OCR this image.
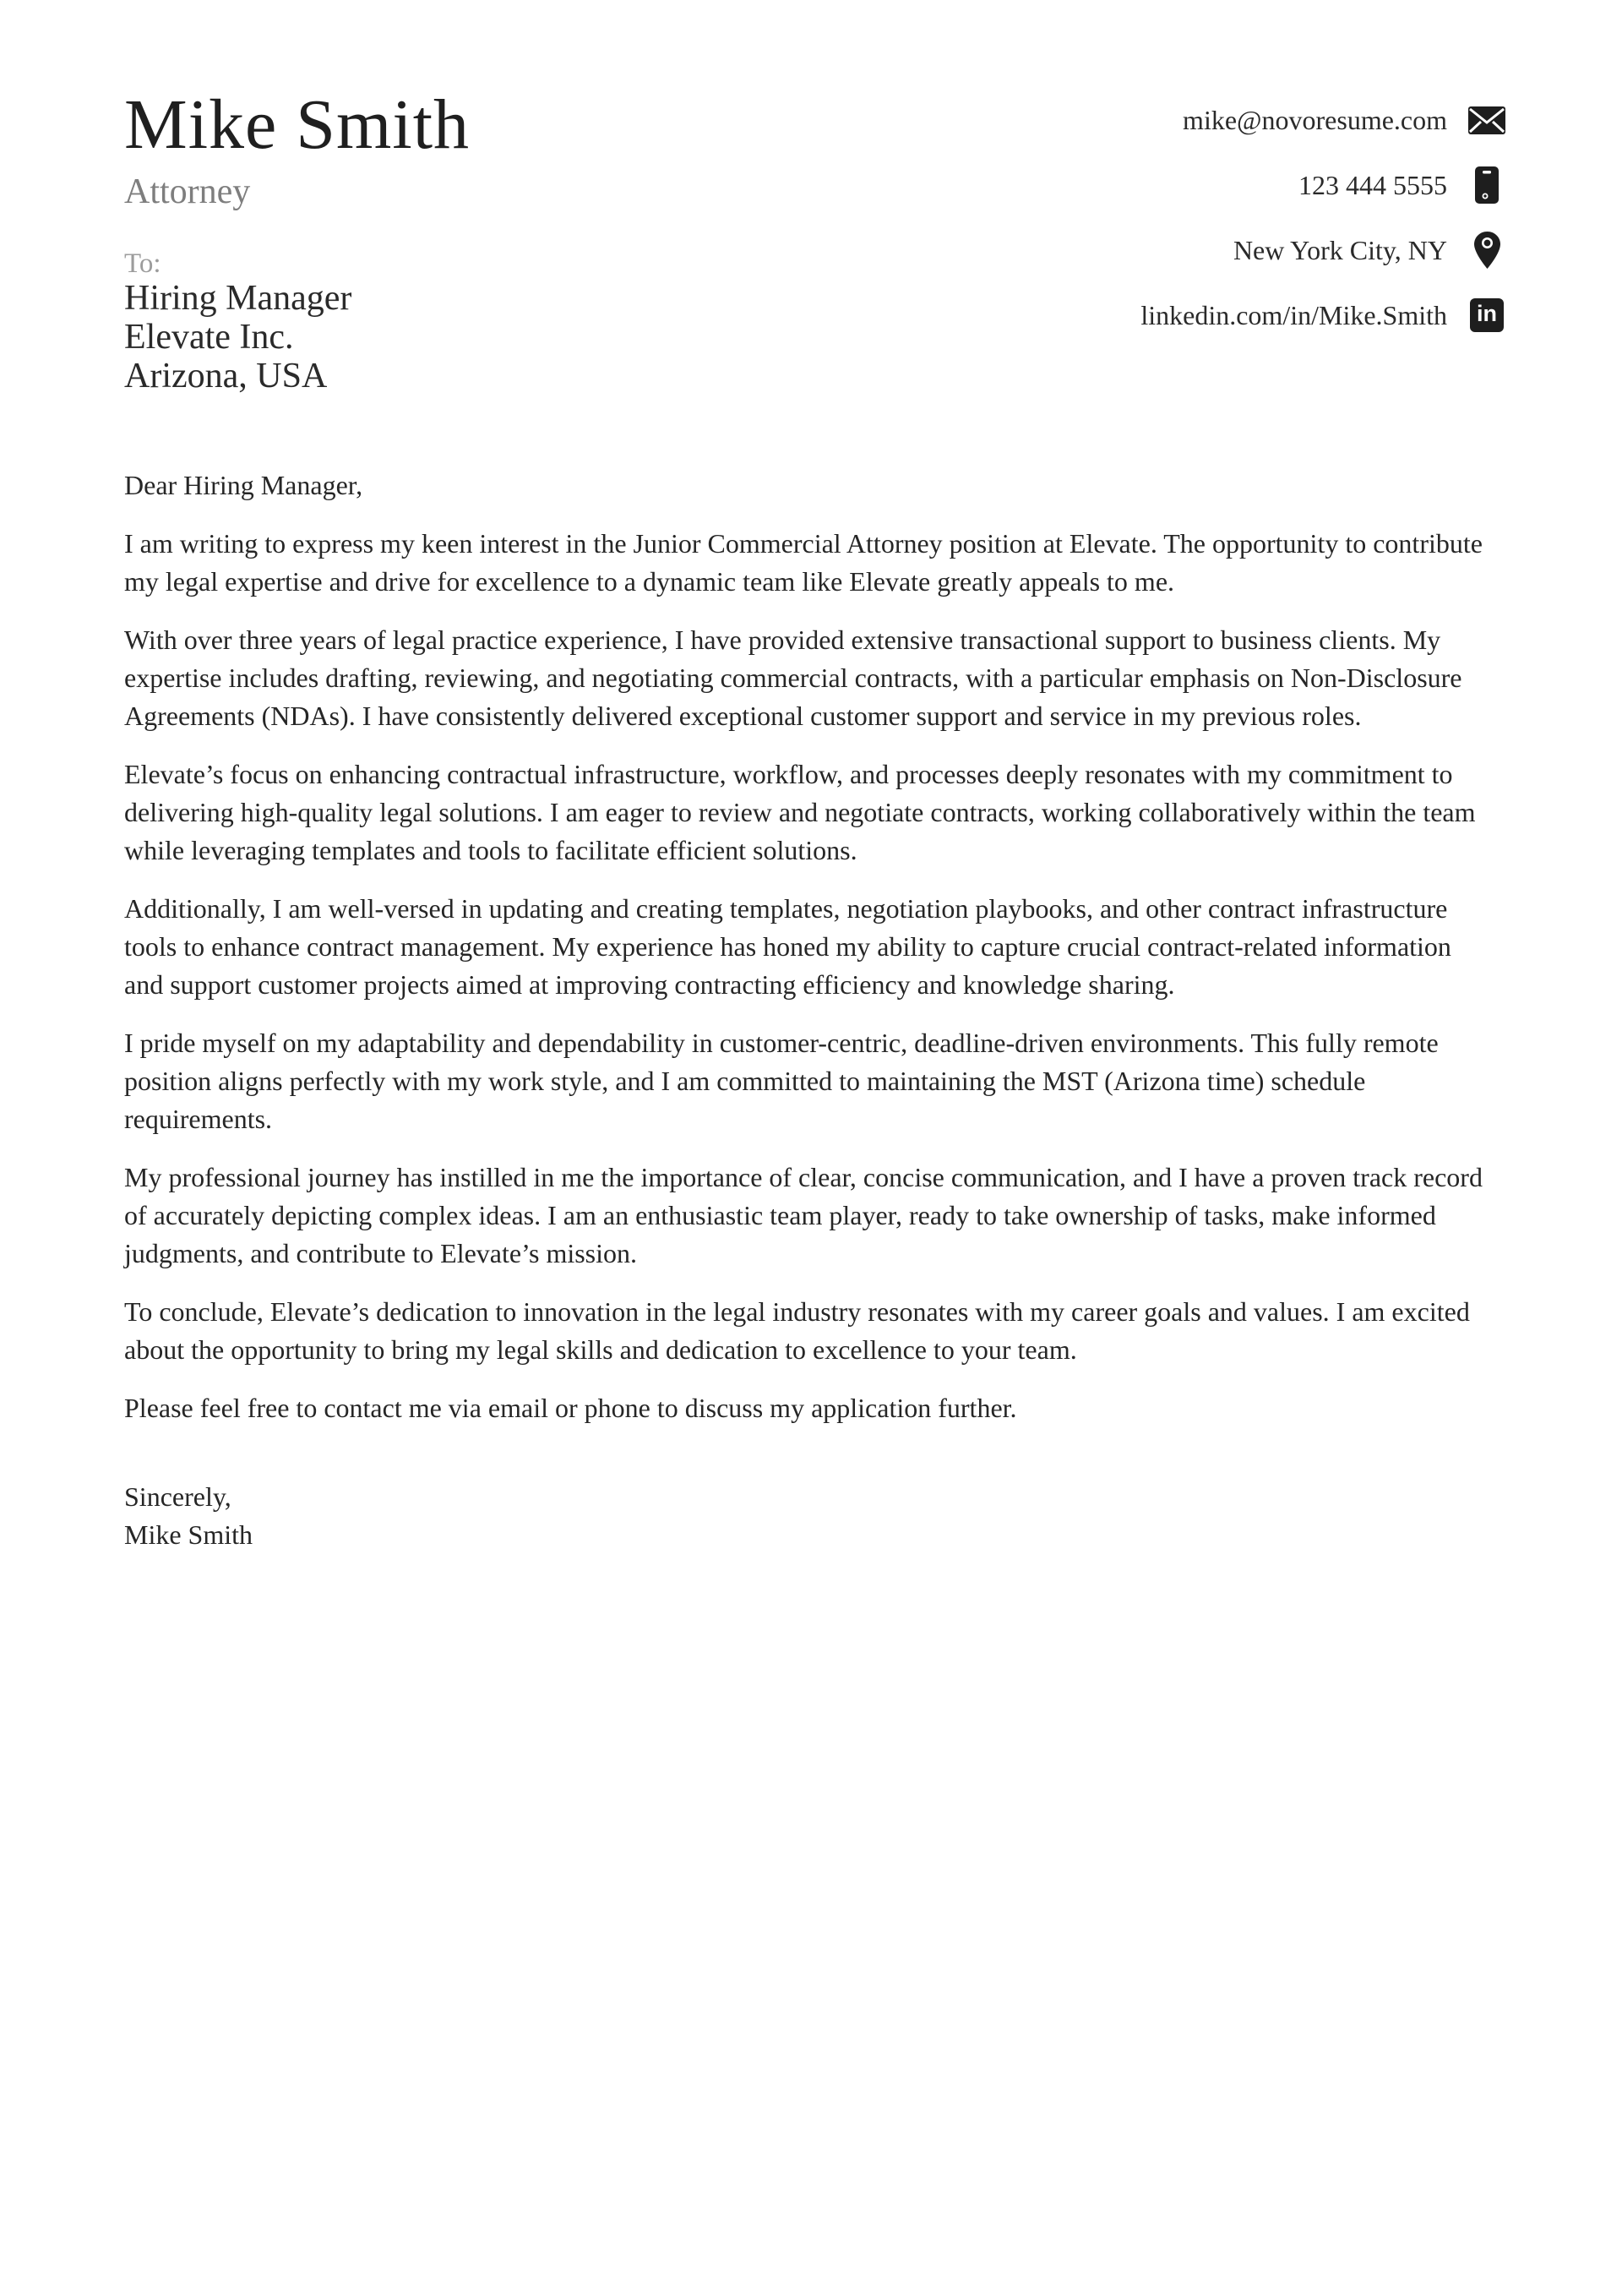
Mike Smith
Attorney
To:
Hiring Manager
Elevate Inc.
Arizona, USA
mike@novoresume.com
123 444 5555
New York City, NY
linkedin.com/in/Mike.Smith in

Dear Hiring Manager,

I am writing to express my keen interest in the Junior Commercial Attorney position at Elevate. The opportunity to contribute my legal expertise and drive for excellence to a dynamic team like Elevate greatly appeals to me.

With over three years of legal practice experience, I have provided extensive transactional support to business clients. My expertise includes drafting, reviewing, and negotiating commercial contracts, with a particular emphasis on Non-Disclosure Agreements (NDAs). I have consistently delivered exceptional customer support and service in my previous roles.

Elevate’s focus on enhancing contractual infrastructure, workflow, and processes deeply resonates with my commitment to delivering high-quality legal solutions. I am eager to review and negotiate contracts, working collaboratively within the team while leveraging templates and tools to facilitate efficient solutions.

Additionally, I am well-versed in updating and creating templates, negotiation playbooks, and other contract infrastructure tools to enhance contract management. My experience has honed my ability to capture crucial contract-related information and support customer projects aimed at improving contracting efficiency and knowledge sharing.

I pride myself on my adaptability and dependability in customer-centric, deadline-driven environments. This fully remote position aligns perfectly with my work style, and I am committed to maintaining the MST (Arizona time) schedule requirements.

My professional journey has instilled in me the importance of clear, concise communication, and I have a proven track record of accurately depicting complex ideas. I am an enthusiastic team player, ready to take ownership of tasks, make informed judgments, and contribute to Elevate’s mission.

To conclude, Elevate’s dedication to innovation in the legal industry resonates with my career goals and values. I am excited about the opportunity to bring my legal skills and dedication to excellence to your team.

Please feel free to contact me via email or phone to discuss my application further.

Sincerely,
Mike Smith
